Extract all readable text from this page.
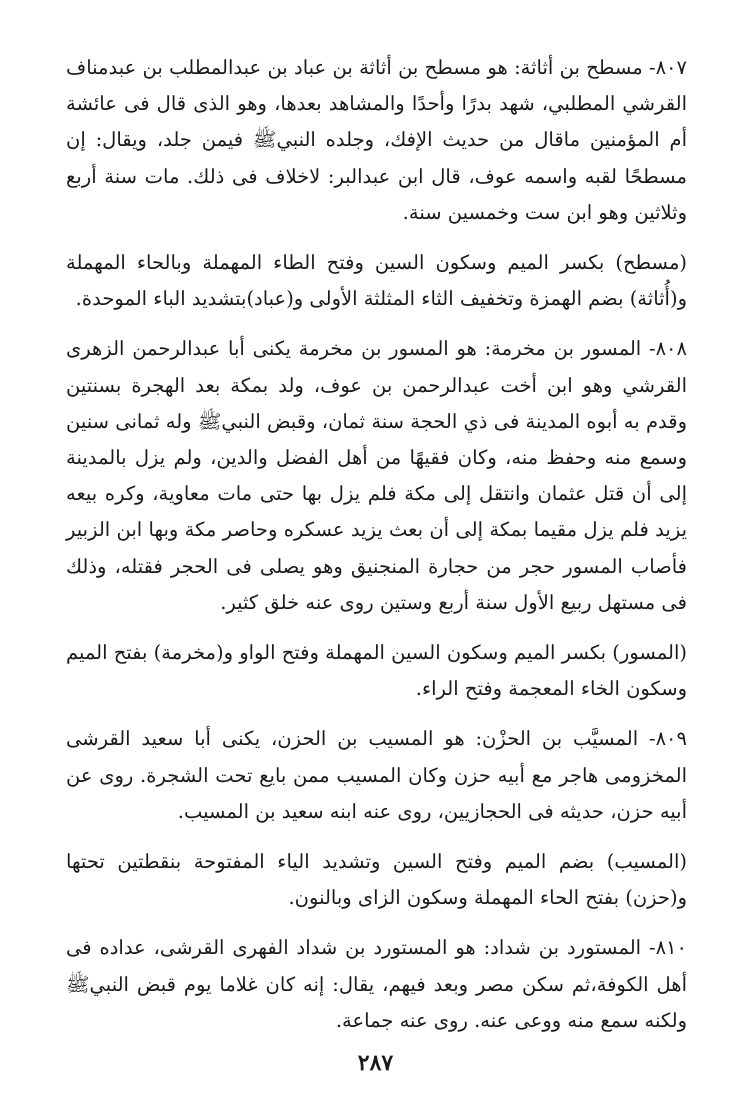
٨٠٧- مسطح بن أثاثة: هو مسطح بن أثاثة بن عباد بن عبدالمطلب بن عبدمناف القرشي المطلبي، شهد بدرًا وأحدًا والمشاهد بعدها، وهو الذى قال فى عائشة أم المؤمنين ماقال من حديث الإفك، وجلده النبيﷺ فيمن جلد، ويقال: إن مسطحًا لقبه واسمه عوف، قال ابن عبدالبر: لاخلاف فى ذلك. مات سنة أربع وثلاثين وهو ابن ست وخمسين سنة.

(مسطح) بكسر الميم وسكون السين وفتح الطاء المهملة وبالحاء المهملة و(أُثاثة) بضم الهمزة وتخفيف الثاء المثلثة الأولى و(عباد)بتشديد الباء الموحدة.

٨٠٨- المسور بن مخرمة: هو المسور بن مخرمة يكنى أبا عبدالرحمن الزهرى القرشي وهو ابن أخت عبدالرحمن بن عوف، ولد بمكة بعد الهجرة بسنتين وقدم به أبوه المدينة فى ذي الحجة سنة ثمان، وقبض النبيﷺ وله ثمانى سنين وسمع منه وحفظ منه، وكان فقيهًا من أهل الفضل والدين، ولم يزل بالمدينة إلى أن قتل عثمان وانتقل إلى مكة فلم يزل بها حتى مات معاوية، وكره بيعه يزيد فلم يزل مقيما بمكة إلى أن بعث يزيد عسكره وحاصر مكة وبها ابن الزبير فأصاب المسور حجر من حجارة المنجنيق وهو يصلى فى الحجر فقتله، وذلك فى مستهل ربيع الأول سنة أربع وستين روى عنه خلق كثير.

(المسور) بكسر الميم وسكون السين المهملة وفتح الواو و(مخرمة) بفتح الميم وسكون الخاء المعجمة وفتح الراء.

٨٠٩- المسيَّب بن الحزْن: هو المسيب بن الحزن، يكنى أبا سعيد القرشى المخزومى هاجر مع أبيه حزن وكان المسيب ممن بايع تحت الشجرة. روى عن أبيه حزن، حديثه فى الحجازيين، روى عنه ابنه سعيد بن المسيب.

(المسيب) بضم الميم وفتح السين وتشديد الياء المفتوحة بنقطتين تحتها و(حزن) بفتح الحاء المهملة وسكون الزاى وبالنون.

٨١٠- المستورد بن شداد: هو المستورد بن شداد الفهرى القرشى، عداده فى أهل الكوفة،ثم سكن مصر وبعد فيهم، يقال: إنه كان غلاما يوم قبض النبيﷺ ولكنه سمع منه ووعى عنه. روى عنه جماعة.

٢٨٧
